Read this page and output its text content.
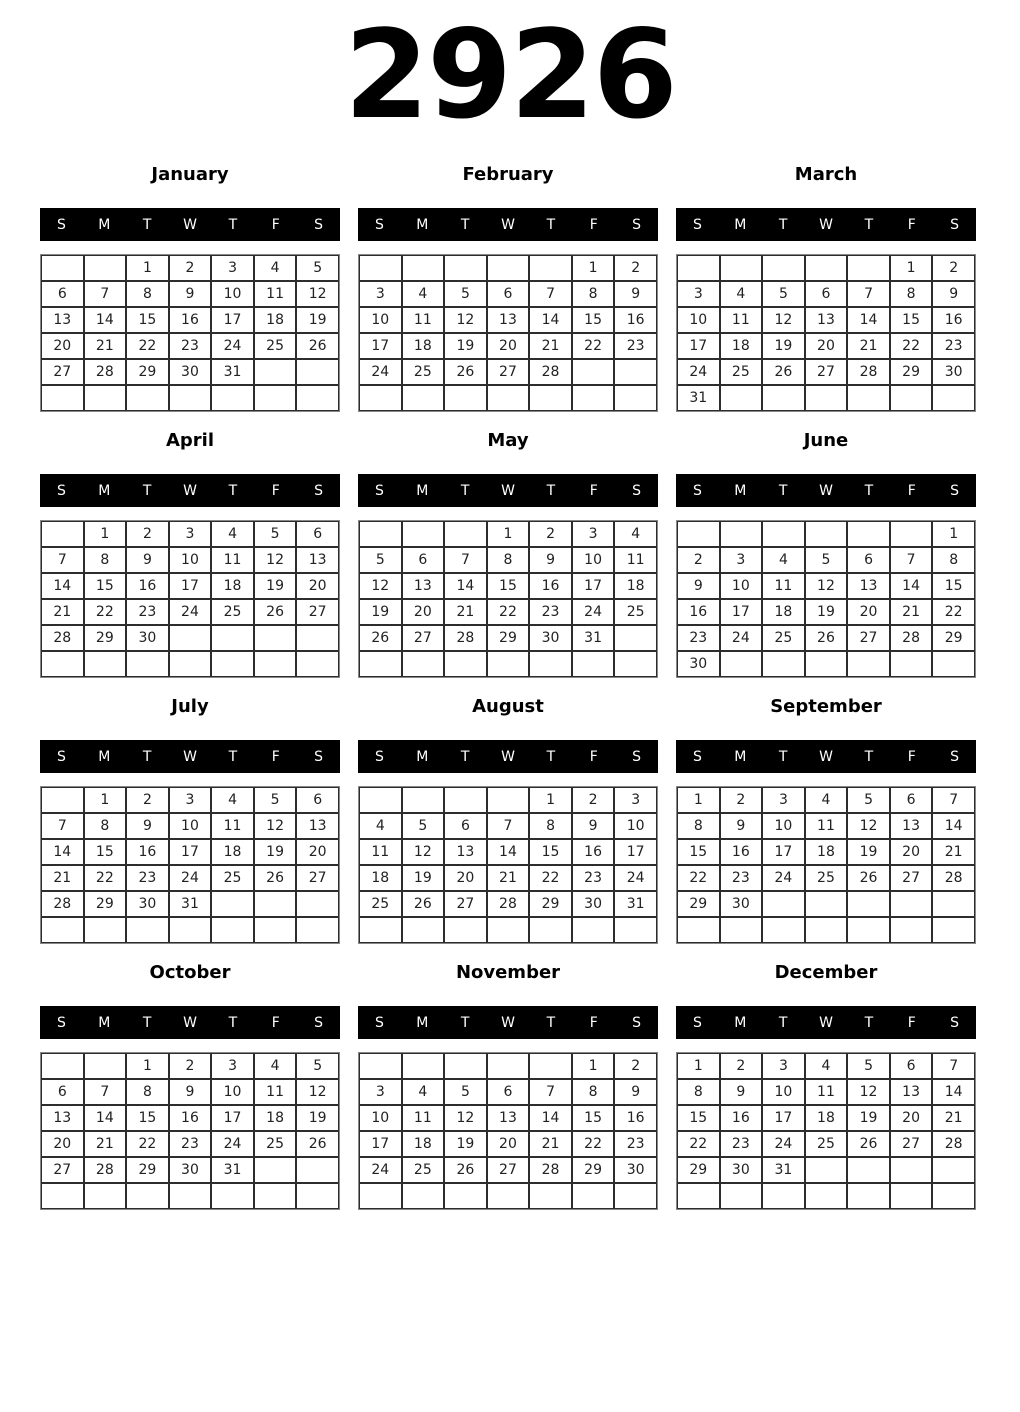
2926
January
S	M	T	W	T	F	S
		1	2	3	4	5
6	7	8	9	10	11	12
13	14	15	16	17	18	19
20	21	22	23	24	25	26
27	28	29	30	31		

February
S	M	T	W	T	F	S
					1	2
3	4	5	6	7	8	9
10	11	12	13	14	15	16
17	18	19	20	21	22	23
24	25	26	27	28		

March
S	M	T	W	T	F	S
					1	2
3	4	5	6	7	8	9
10	11	12	13	14	15	16
17	18	19	20	21	22	23
24	25	26	27	28	29	30
31						
April
S	M	T	W	T	F	S
	1	2	3	4	5	6
7	8	9	10	11	12	13
14	15	16	17	18	19	20
21	22	23	24	25	26	27
28	29	30				

May
S	M	T	W	T	F	S
			1	2	3	4
5	6	7	8	9	10	11
12	13	14	15	16	17	18
19	20	21	22	23	24	25
26	27	28	29	30	31	

June
S	M	T	W	T	F	S
						1
2	3	4	5	6	7	8
9	10	11	12	13	14	15
16	17	18	19	20	21	22
23	24	25	26	27	28	29
30						
July
S	M	T	W	T	F	S
	1	2	3	4	5	6
7	8	9	10	11	12	13
14	15	16	17	18	19	20
21	22	23	24	25	26	27
28	29	30	31			

August
S	M	T	W	T	F	S
				1	2	3
4	5	6	7	8	9	10
11	12	13	14	15	16	17
18	19	20	21	22	23	24
25	26	27	28	29	30	31

September
S	M	T	W	T	F	S
1	2	3	4	5	6	7
8	9	10	11	12	13	14
15	16	17	18	19	20	21
22	23	24	25	26	27	28
29	30					

October
S	M	T	W	T	F	S
		1	2	3	4	5
6	7	8	9	10	11	12
13	14	15	16	17	18	19
20	21	22	23	24	25	26
27	28	29	30	31		

November
S	M	T	W	T	F	S
					1	2
3	4	5	6	7	8	9
10	11	12	13	14	15	16
17	18	19	20	21	22	23
24	25	26	27	28	29	30

December
S	M	T	W	T	F	S
1	2	3	4	5	6	7
8	9	10	11	12	13	14
15	16	17	18	19	20	21
22	23	24	25	26	27	28
29	30	31				
